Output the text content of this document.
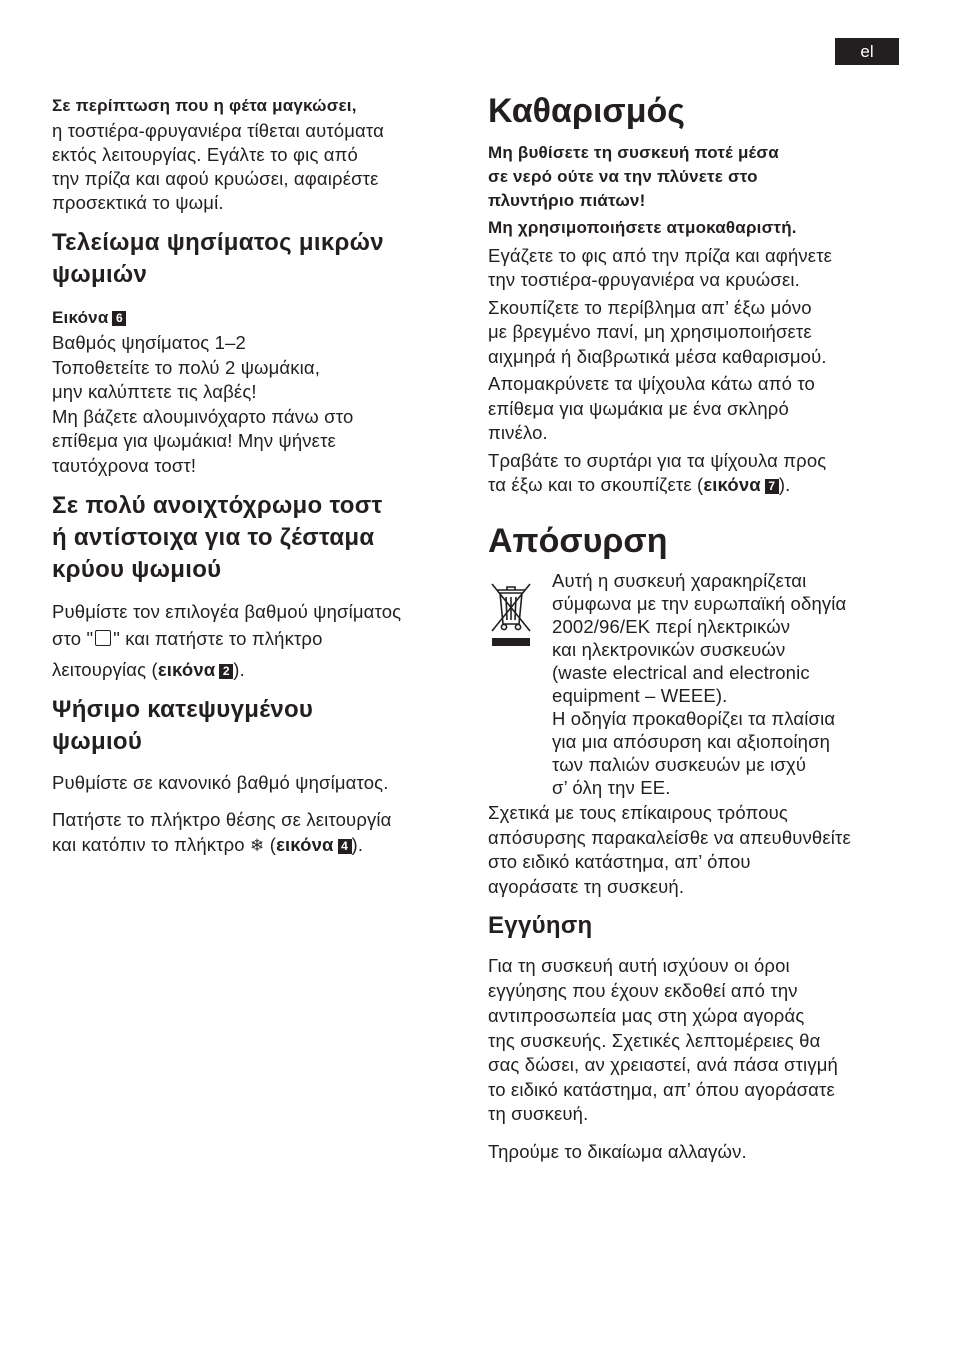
el
Σε περίπτωση που η φέτα μαγκώσει,
η τοστιέρα-φρυγανιέρα τίθεται αυτόματα
εκτός λειτουργίας. Εγάλτε το φις από
την πρίζα και αφού κρυώσει, αφαιρέστε
προσεκτικά το ψωμί.
Τελείωμα ψησίματος μικρών
ψωμιών
Εικόνα 6
Βαθμός ψησίματος 1–2
Τοποθετείτε το πολύ 2 ψωμάκια,
μην καλύπτετε τις λαβές!
Μη βάζετε αλουμινόχαρτο πάνω στο
επίθεμα για ψωμάκια! Μην ψήνετε
ταυτόχρονα τοστ!
Σε πολύ ανοιχτόχρωμο τοστ
ή αντίστοιχα για το ζέσταμα
κρύου ψωμιού
Ρυθμίστε τον επιλογέα βαθμού ψησίματος
στο " " και πατήστε το πλήκτρο
λειτουργίας (εικόνα 2 ).
Ψήσιμο κατεψυγμένου
ψωμιού
Ρυθμίστε σε κανονικό βαθμό ψησίματος.
Πατήστε το πλήκτρο θέσης σε λειτουργία
και κατόπιν το πλήκτρο ❄ (εικόνα 4 ).
Καθαρισμός
Μη βυθίσετε τη συσκευή ποτέ μέσα
σε νερό ούτε να την πλύνετε στο
πλυντήριο πιάτων!
Μη χρησιμοποιήσετε ατμοκαθαριστή.
Εγάζετε το φις από την πρίζα και αφήνετε
την τοστιέρα-φρυγανιέρα να κρυώσει.
Σκουπίζετε το περίβλημα απ’ έξω μόνο
με βρεγμένο πανί, μη χρησιμοποιήσετε
αιχμηρά ή διαβρωτικά μέσα καθαρισμού.
Απομακρύνετε τα ψίχουλα κάτω από το
επίθεμα για ψωμάκια με ένα σκληρό
πινέλο.
Τραβάτε το συρτάρι για τα ψίχουλα προς
τα έξω και το σκουπίζετε (εικόνα 7 ).
Απόσυρση
Αυτή η συσκευή χαρακηρίζεται
σύμφωνα με την ευρωπαϊκή οδηγία
2002/96/ΕΚ περί ηλεκτρικών
και ηλεκτρονικών συσκευών
(waste electrical and electronic
equipment – WEEE).
Η οδηγία προκαθορίζει τα πλαίσια
για μια απόσυρση και αξιοποίηση
των παλιών συσκευών με ισχύ
σ’ όλη την ΕΕ.
Σχετικά με τους επίκαιρους τρόπους
απόσυρσης παρακαλείσθε να απευθυνθείτε
στο ειδικό κατάστημα, απ’ όπου
αγοράσατε τη συσκευή.
Εγγύηση
Για τη συσκευή αυτή ισχύουν οι όροι
εγγύησης που έχουν εκδοθεί από την
αντιπροσωπεία μας στη χώρα αγοράς
της συσκευής. Σχετικές λεπτομέρειες θα
σας δώσει, αν χρειαστεί, ανά πάσα στιγμή
το ειδικό κατάστημα, απ’ όπου αγοράσατε
τη συσκευή.
Τηρούμε το δικαίωμα αλλαγών.
